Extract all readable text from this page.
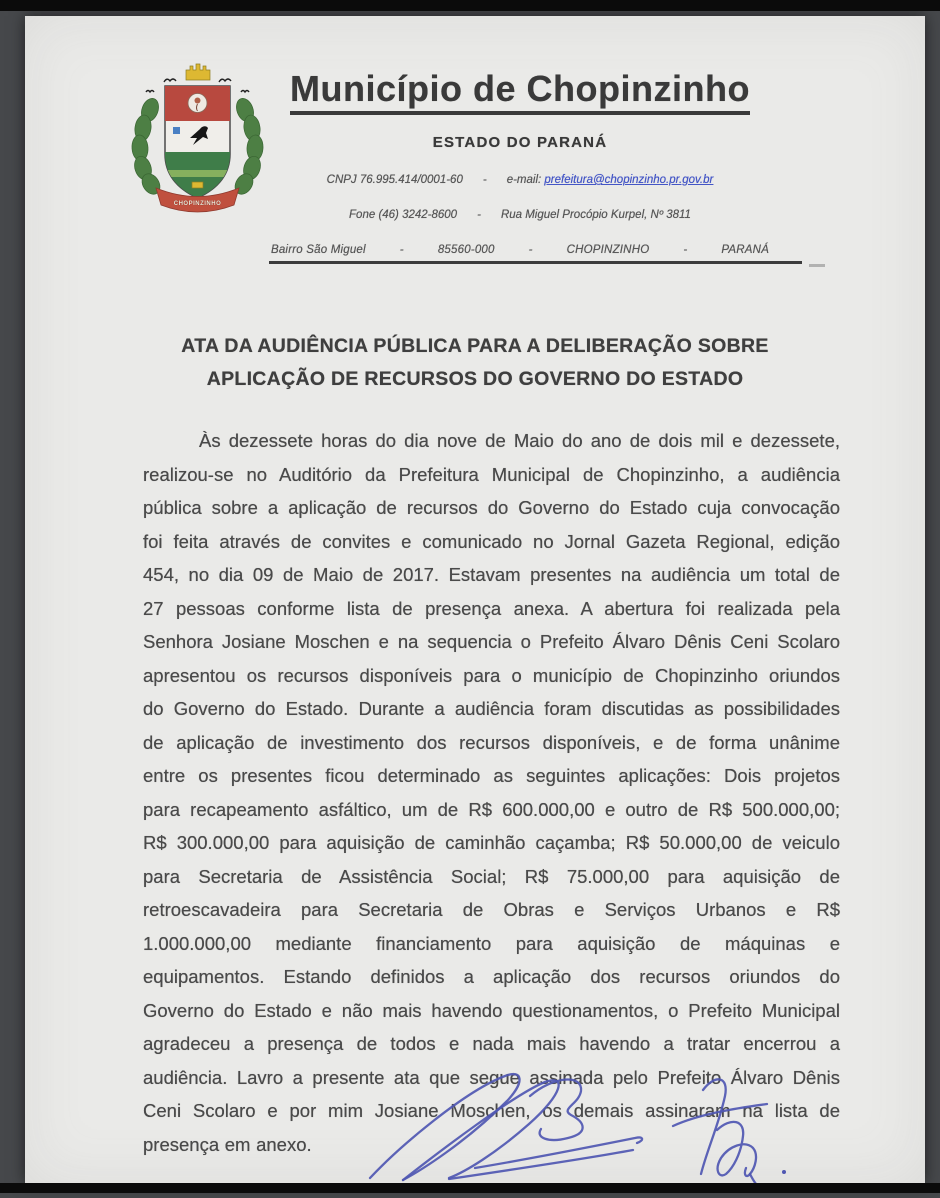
CHOPINZINHO
Município de Chopinzinho
ESTADO DO PARANÁ
CNPJ 76.995.414/0001-60 - e-mail: prefeitura@chopinzinho.pr.gov.br
Fone (46) 3242-8600 - Rua Miguel Procópio Kurpel, Nº 3811
Bairro São Miguel	-	85560-000	-	CHOPINZINHO	-	PARANÁ
ATA DA AUDIÊNCIA PÚBLICA PARA A DELIBERAÇÃO SOBRE
APLICAÇÃO DE RECURSOS DO GOVERNO DO ESTADO
Às dezessete horas do dia nove de Maio do ano de dois mil e dezessete,
realizou-se no Auditório da Prefeitura Municipal de Chopinzinho, a audiência
pública sobre a aplicação de recursos do Governo do Estado cuja convocação
foi feita através de convites e comunicado no Jornal Gazeta Regional, edição
454, no dia 09 de Maio de 2017. Estavam presentes na audiência um total de
27 pessoas conforme lista de presença anexa. A abertura foi realizada pela
Senhora Josiane Moschen e na sequencia o Prefeito Álvaro Dênis Ceni Scolaro
apresentou os recursos disponíveis para o município de Chopinzinho oriundos
do Governo do Estado. Durante a audiência foram discutidas as possibilidades
de aplicação de investimento dos recursos disponíveis, e de forma unânime
entre os presentes ficou determinado as seguintes aplicações: Dois projetos
para recapeamento asfáltico, um de R$ 600.000,00 e outro de R$ 500.000,00;
R$ 300.000,00 para aquisição de caminhão caçamba; R$ 50.000,00 de veiculo
para Secretaria de Assistência Social; R$ 75.000,00 para aquisição de
retroescavadeira para Secretaria de Obras e Serviços Urbanos e R$
1.000.000,00 mediante financiamento para aquisição de máquinas e
equipamentos. Estando definidos a aplicação dos recursos oriundos do
Governo do Estado e não mais havendo questionamentos, o Prefeito Municipal
agradeceu a presença de todos e nada mais havendo a tratar encerrou a
audiência. Lavro a presente ata que segue assinada pelo Prefeito Álvaro Dênis
Ceni Scolaro e por mim Josiane Moschen, os demais assinaram na lista de
presença em anexo.
